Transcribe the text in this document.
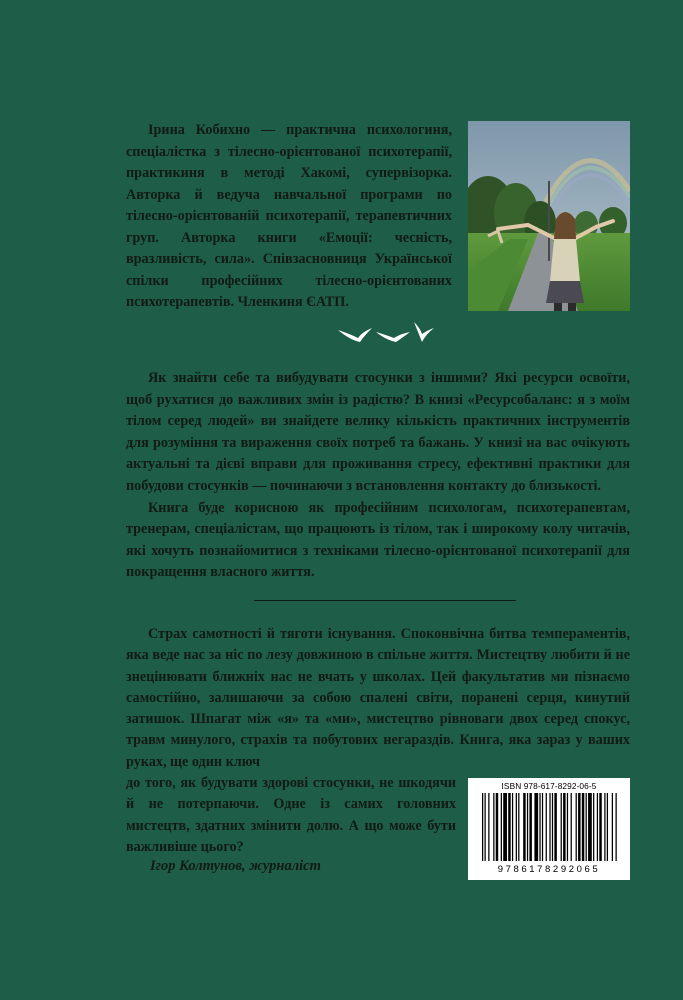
Ірина Кобихно — практична психологиня, спеціалістка з тілесно-орієнтованої психотерапії, практикиня в методі Хакомі, супервізорка. Авторка й ведуча навчальної програми по тілесно-орієнтованій психотерапії, терапевтичних груп. Авторка книги «Емоції: чесність, вразливість, сила». Співзасновниця Української спілки професійних тілесно-орієнтованих психотерапевтів. Членкиня ЄАТП.

Як знайти себе та вибудувати стосунки з іншими? Які ресурси освоїти, щоб рухатися до важливих змін із радістю? В книзі «Ресурсобаланс: я з моїм тілом серед людей» ви знайдете велику кількість практичних інструментів для розуміння та вираження своїх потреб та бажань. У книзі на вас очікують актуальні та дієві вправи для проживання стресу, ефективні практики для побудови стосунків — починаючи з встановлення контакту до близькості.

Книга буде корисною як професійним психологам, психотерапевтам, тренерам, спеціалістам, що працюють із тілом, так і широкому колу читачів, які хочуть познайомитися з техніками тілесно-орієнтованої психотерапії для покращення власного життя.

Страх самотності й тяготи існування. Споконвічна битва темпераментів, яка веде нас за ніс по лезу довжиною в спільне життя. Мистецтву любити й не знецінювати ближніх нас не вчать у школах. Цей факультатив ми пізнаємо самостійно, залишаючи за собою спалені світи, поранені серця, кинутий затишок. Шпагат між «я» та «ми», мистецтво рівноваги двох серед спокус, травм минулого, страхів та побутових негараздів. Книга, яка зараз у ваших руках, ще один ключ

до того, як будувати здорові стосунки, не шкодячи й не потерпаючи. Одне із самих головних мистецтв, здатних змінити долю. А що може бути важливіше цього?

Ігор Колтунов, журналіст

ISBN 978-617-8292-06-5
9786178292065
